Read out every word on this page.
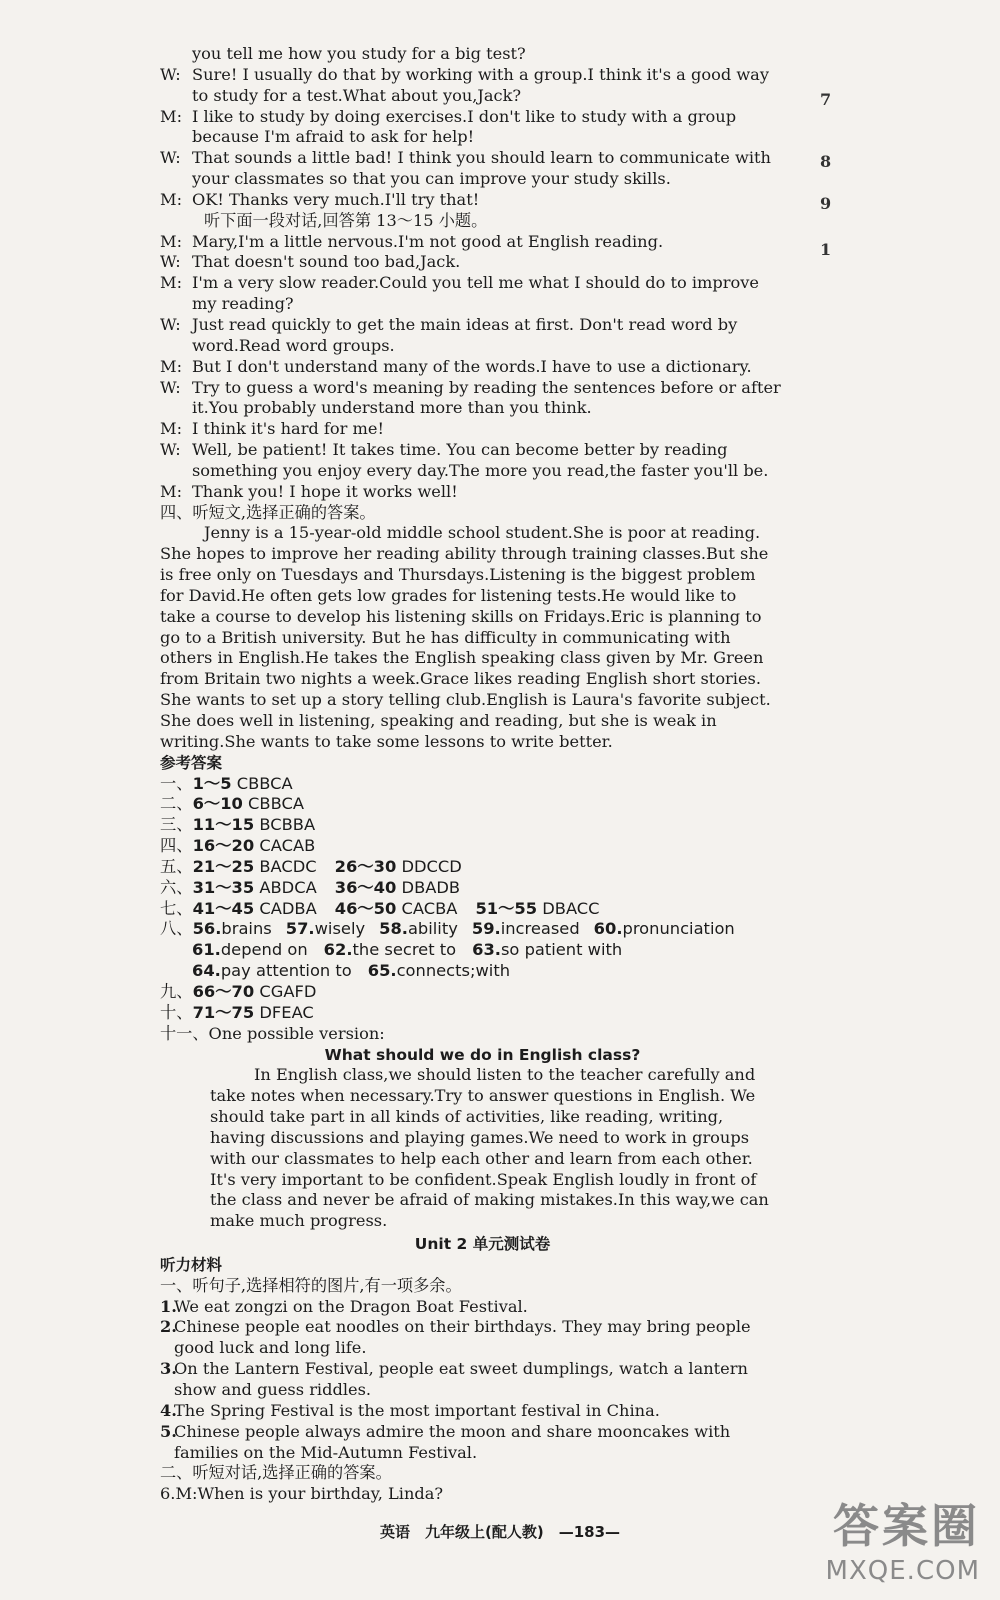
7
8
9
1
you tell me how you study for a big test?
W: Sure! I usually do that by working with a group.I think it's a good way
to study for a test.What about you,Jack?
M: I like to study by doing exercises.I don't like to study with a group
because I'm afraid to ask for help!
W: That sounds a little bad! I think you should learn to communicate with
your classmates so that you can improve your study skills.
M: OK! Thanks very much.I'll try that!
听下面一段对话,回答第 13～15 小题。
M: Mary,I'm a little nervous.I'm not good at English reading.
W: That doesn't sound too bad,Jack.
M: I'm a very slow reader.Could you tell me what I should do to improve
my reading?
W: Just read quickly to get the main ideas at first. Don't read word by
word.Read word groups.
M: But I don't understand many of the words.I have to use a dictionary.
W: Try to guess a word's meaning by reading the sentences before or after
it.You probably understand more than you think.
M: I think it's hard for me!
W: Well, be patient! It takes time. You can become better by reading
something you enjoy every day.The more you read,the faster you'll be.
M: Thank you! I hope it works well!
四、听短文,选择正确的答案。
Jenny is a 15-year-old middle school student.She is poor at reading.
She hopes to improve her reading ability through training classes.But she
is free only on Tuesdays and Thursdays.Listening is the biggest problem
for David.He often gets low grades for listening tests.He would like to
take a course to develop his listening skills on Fridays.Eric is planning to
go to a British university. But he has difficulty in communicating with
others in English.He takes the English speaking class given by Mr. Green
from Britain two nights a week.Grace likes reading English short stories.
She wants to set up a story telling club.English is Laura's favorite subject.
She does well in listening, speaking and reading, but she is weak in
writing.She wants to take some lessons to write better.
参考答案
一、1～5 CBBCA
二、6～10 CBBCA
三、11～15 BCBBA
四、16～20 CACAB
五、21～25 BACDC 26～30 DDCCD
六、31～35 ABDCA 36～40 DBADB
七、41～45 CADBA 46～50 CACBA 51～55 DBACC
八、56.brains 57.wisely 58.ability 59.increased 60.pronunciation
61.depend on 62.the secret to 63.so patient with
64.pay attention to 65.connects;with
九、66～70 CGAFD
十、71～75 DFEAC
十一、One possible version:
What should we do in English class?
In English class,we should listen to the teacher carefully and
take notes when necessary.Try to answer questions in English. We
should take part in all kinds of activities, like reading, writing,
having discussions and playing games.We need to work in groups
with our classmates to help each other and learn from each other.
It's very important to be confident.Speak English loudly in front of
the class and never be afraid of making mistakes.In this way,we can
make much progress.
Unit 2 单元测试卷
听力材料
一、听句子,选择相符的图片,有一项多余。
1.
We eat zongzi on the Dragon Boat Festival.
2.
Chinese people eat noodles on their birthdays. They may bring people
good luck and long life.
3.
On the Lantern Festival, people eat sweet dumplings, watch a lantern
show and guess riddles.
4.
The Spring Festival is the most important festival in China.
5.
Chinese people always admire the moon and share mooncakes with
families on the Mid-Autumn Festival.
二、听短对话,选择正确的答案。
6.M:When is your birthday, Linda?
英语　九年级上(配人教)　—183—	答案圈
MXQE.COM
